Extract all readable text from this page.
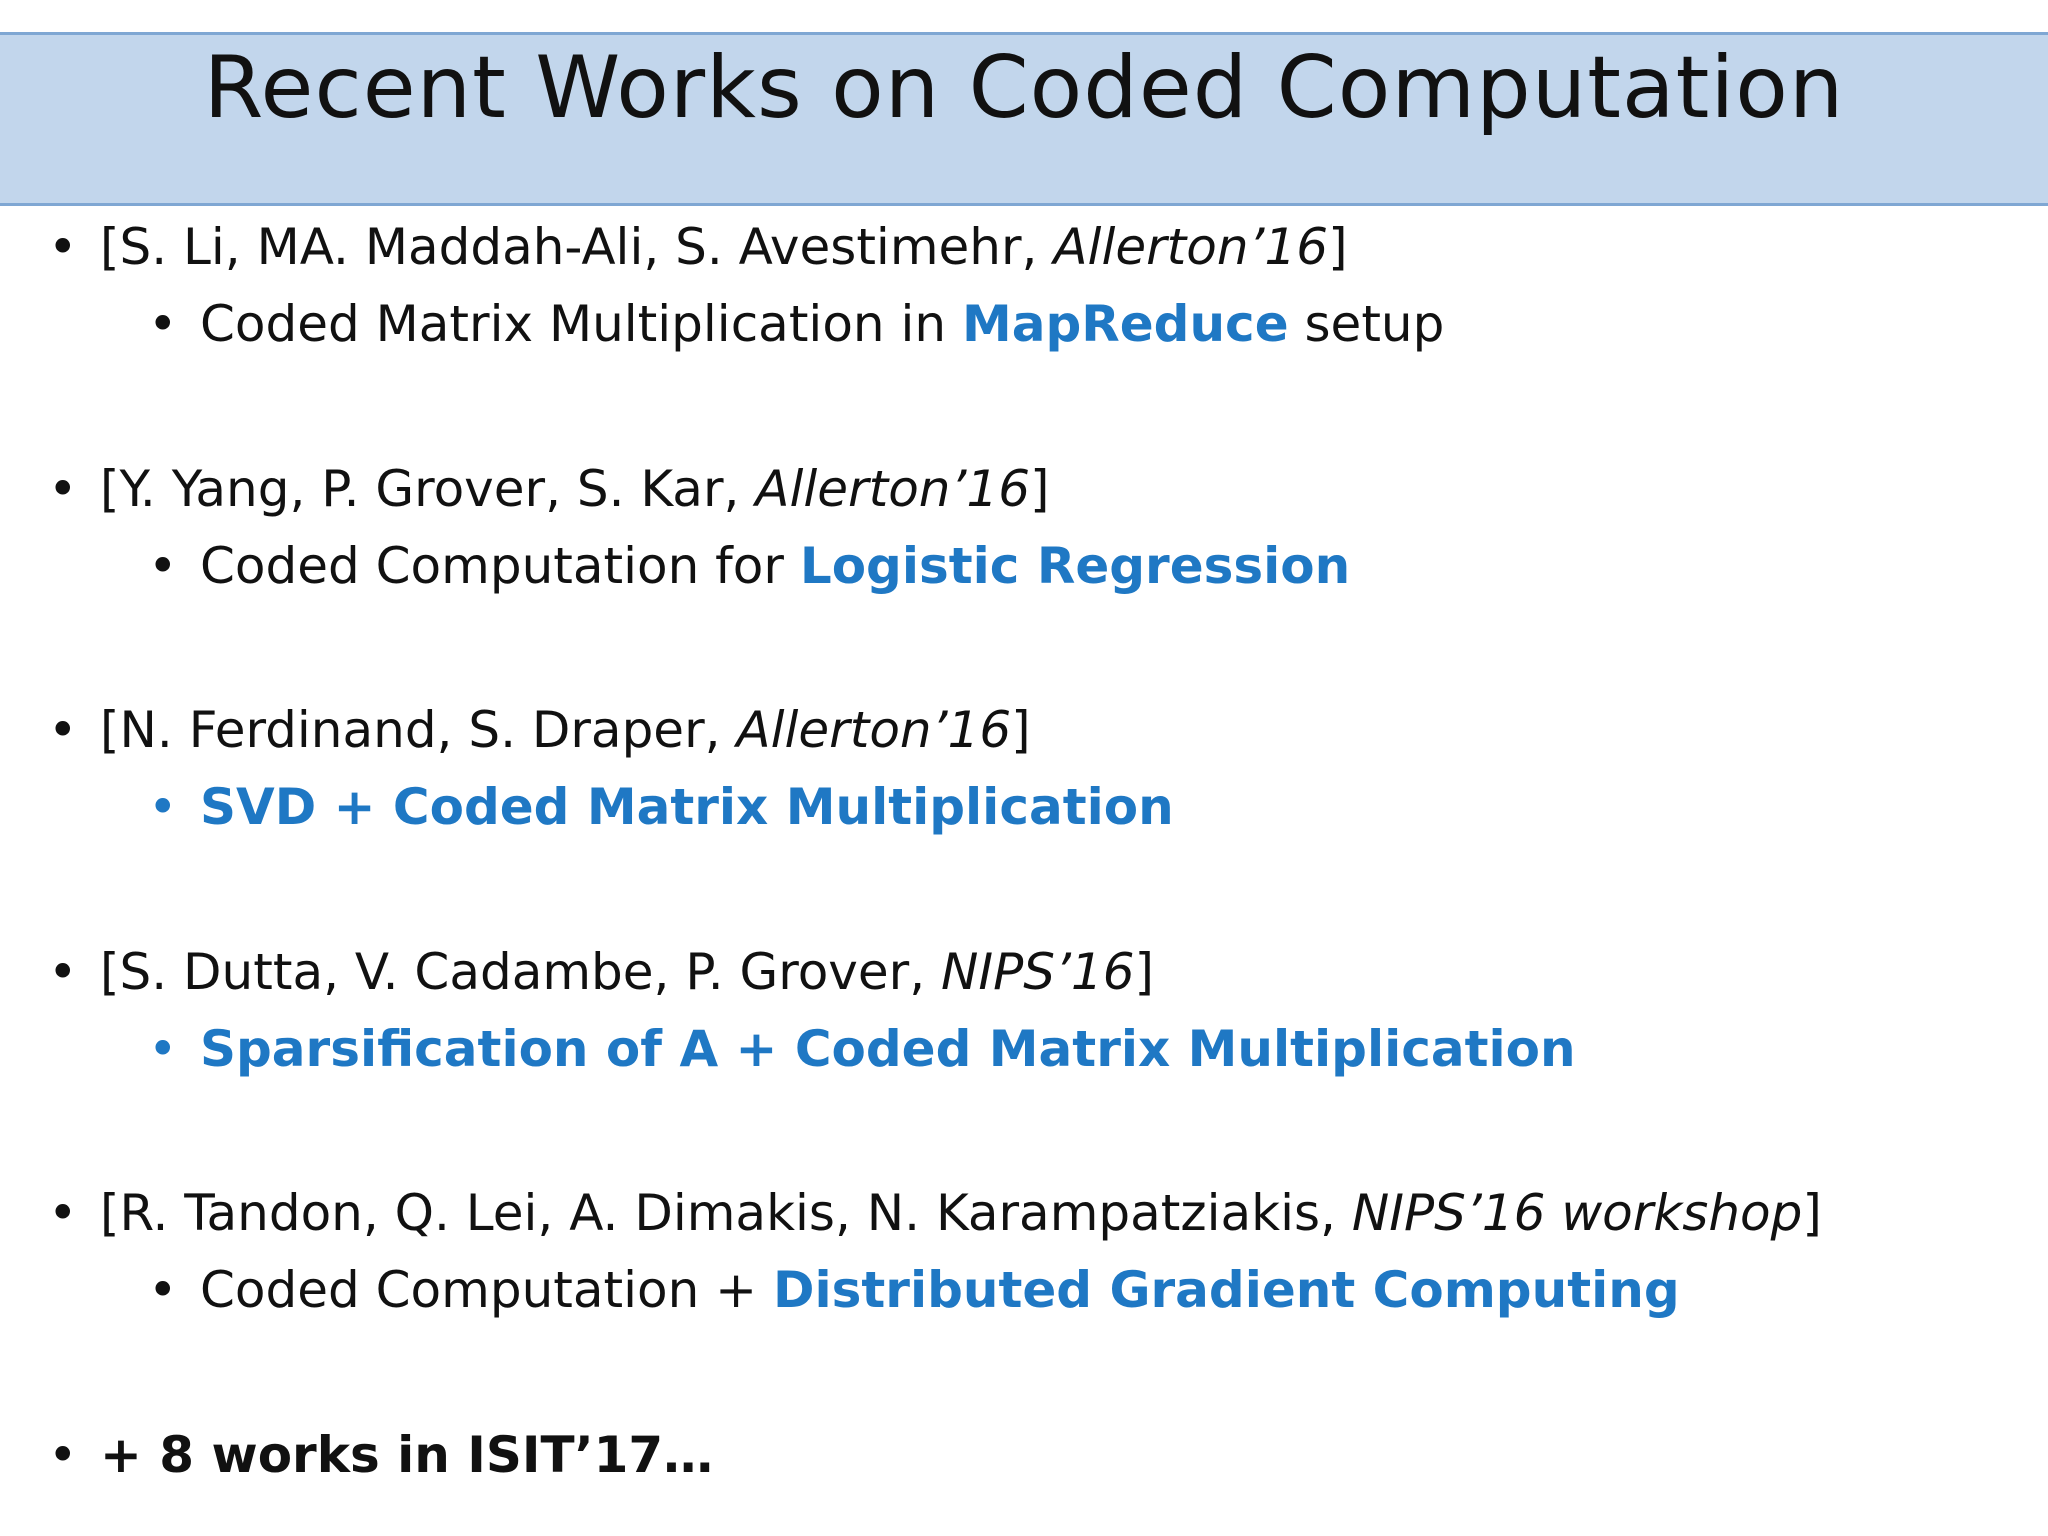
Recent Works on Coded Computation
• [S. Li, MA. Maddah-Ali, S. Avestimehr, Allerton’16]
• Coded Matrix Multiplication in MapReduce setup
• [Y. Yang, P. Grover, S. Kar, Allerton’16]
• Coded Computation for Logistic Regression
• [N. Ferdinand, S. Draper, Allerton’16]
• SVD + Coded Matrix Multiplication
• [S. Dutta, V. Cadambe, P. Grover, NIPS’16]
• Sparsification of A + Coded Matrix Multiplication
• [R. Tandon, Q. Lei, A. Dimakis, N. Karampatziakis, NIPS’16 workshop]
• Coded Computation + Distributed Gradient Computing
• + 8 works in ISIT’17…
